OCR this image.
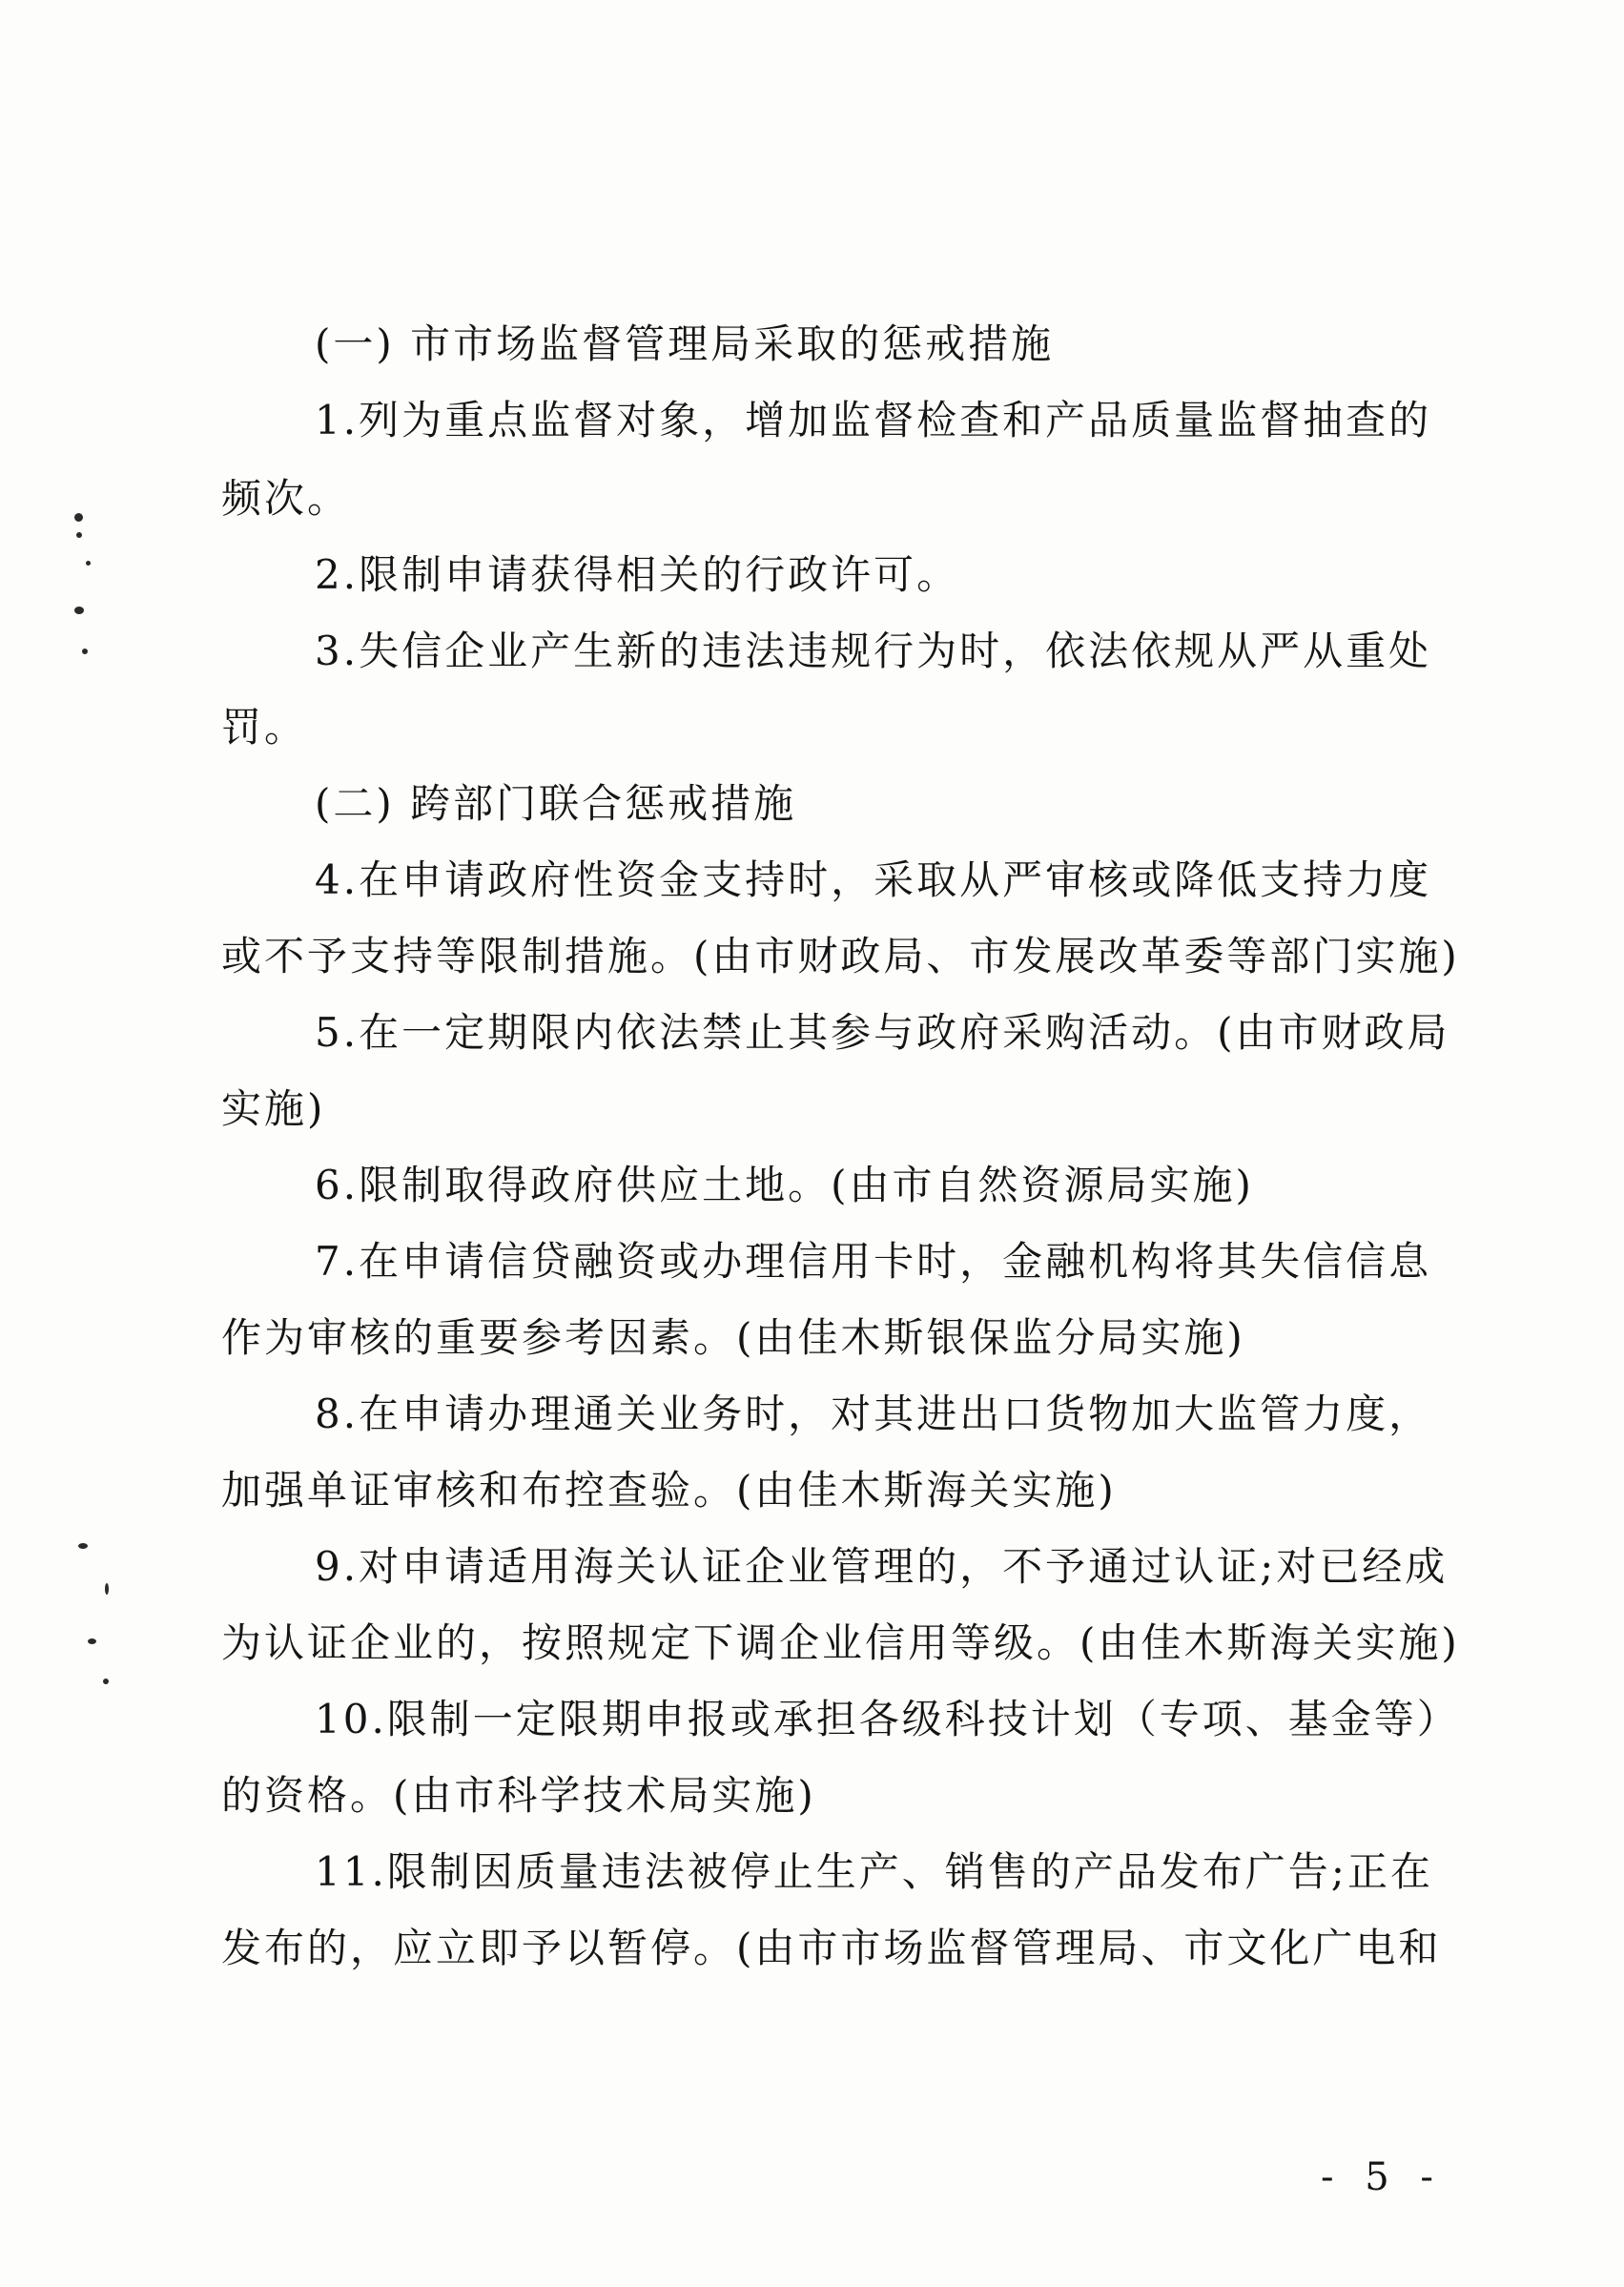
(一) 市市场监督管理局采取的惩戒措施
1.列为重点监督对象，增加监督检查和产品质量监督抽查的
频次。
2.限制申请获得相关的行政许可。
3.失信企业产生新的违法违规行为时，依法依规从严从重处
罚。
(二) 跨部门联合惩戒措施
4.在申请政府性资金支持时，采取从严审核或降低支持力度
或不予支持等限制措施。(由市财政局、市发展改革委等部门实施)
5.在一定期限内依法禁止其参与政府采购活动。(由市财政局
实施)
6.限制取得政府供应土地。(由市自然资源局实施)
7.在申请信贷融资或办理信用卡时，金融机构将其失信信息
作为审核的重要参考因素。(由佳木斯银保监分局实施)
8.在申请办理通关业务时，对其进出口货物加大监管力度，
加强单证审核和布控查验。(由佳木斯海关实施)
9.对申请适用海关认证企业管理的，不予通过认证;对已经成
为认证企业的，按照规定下调企业信用等级。(由佳木斯海关实施)
10.限制一定限期申报或承担各级科技计划（专项、基金等）
的资格。(由市科学技术局实施)
11.限制因质量违法被停止生产、销售的产品发布广告;正在
发布的，应立即予以暂停。(由市市场监督管理局、市文化广电和
- 5 -
